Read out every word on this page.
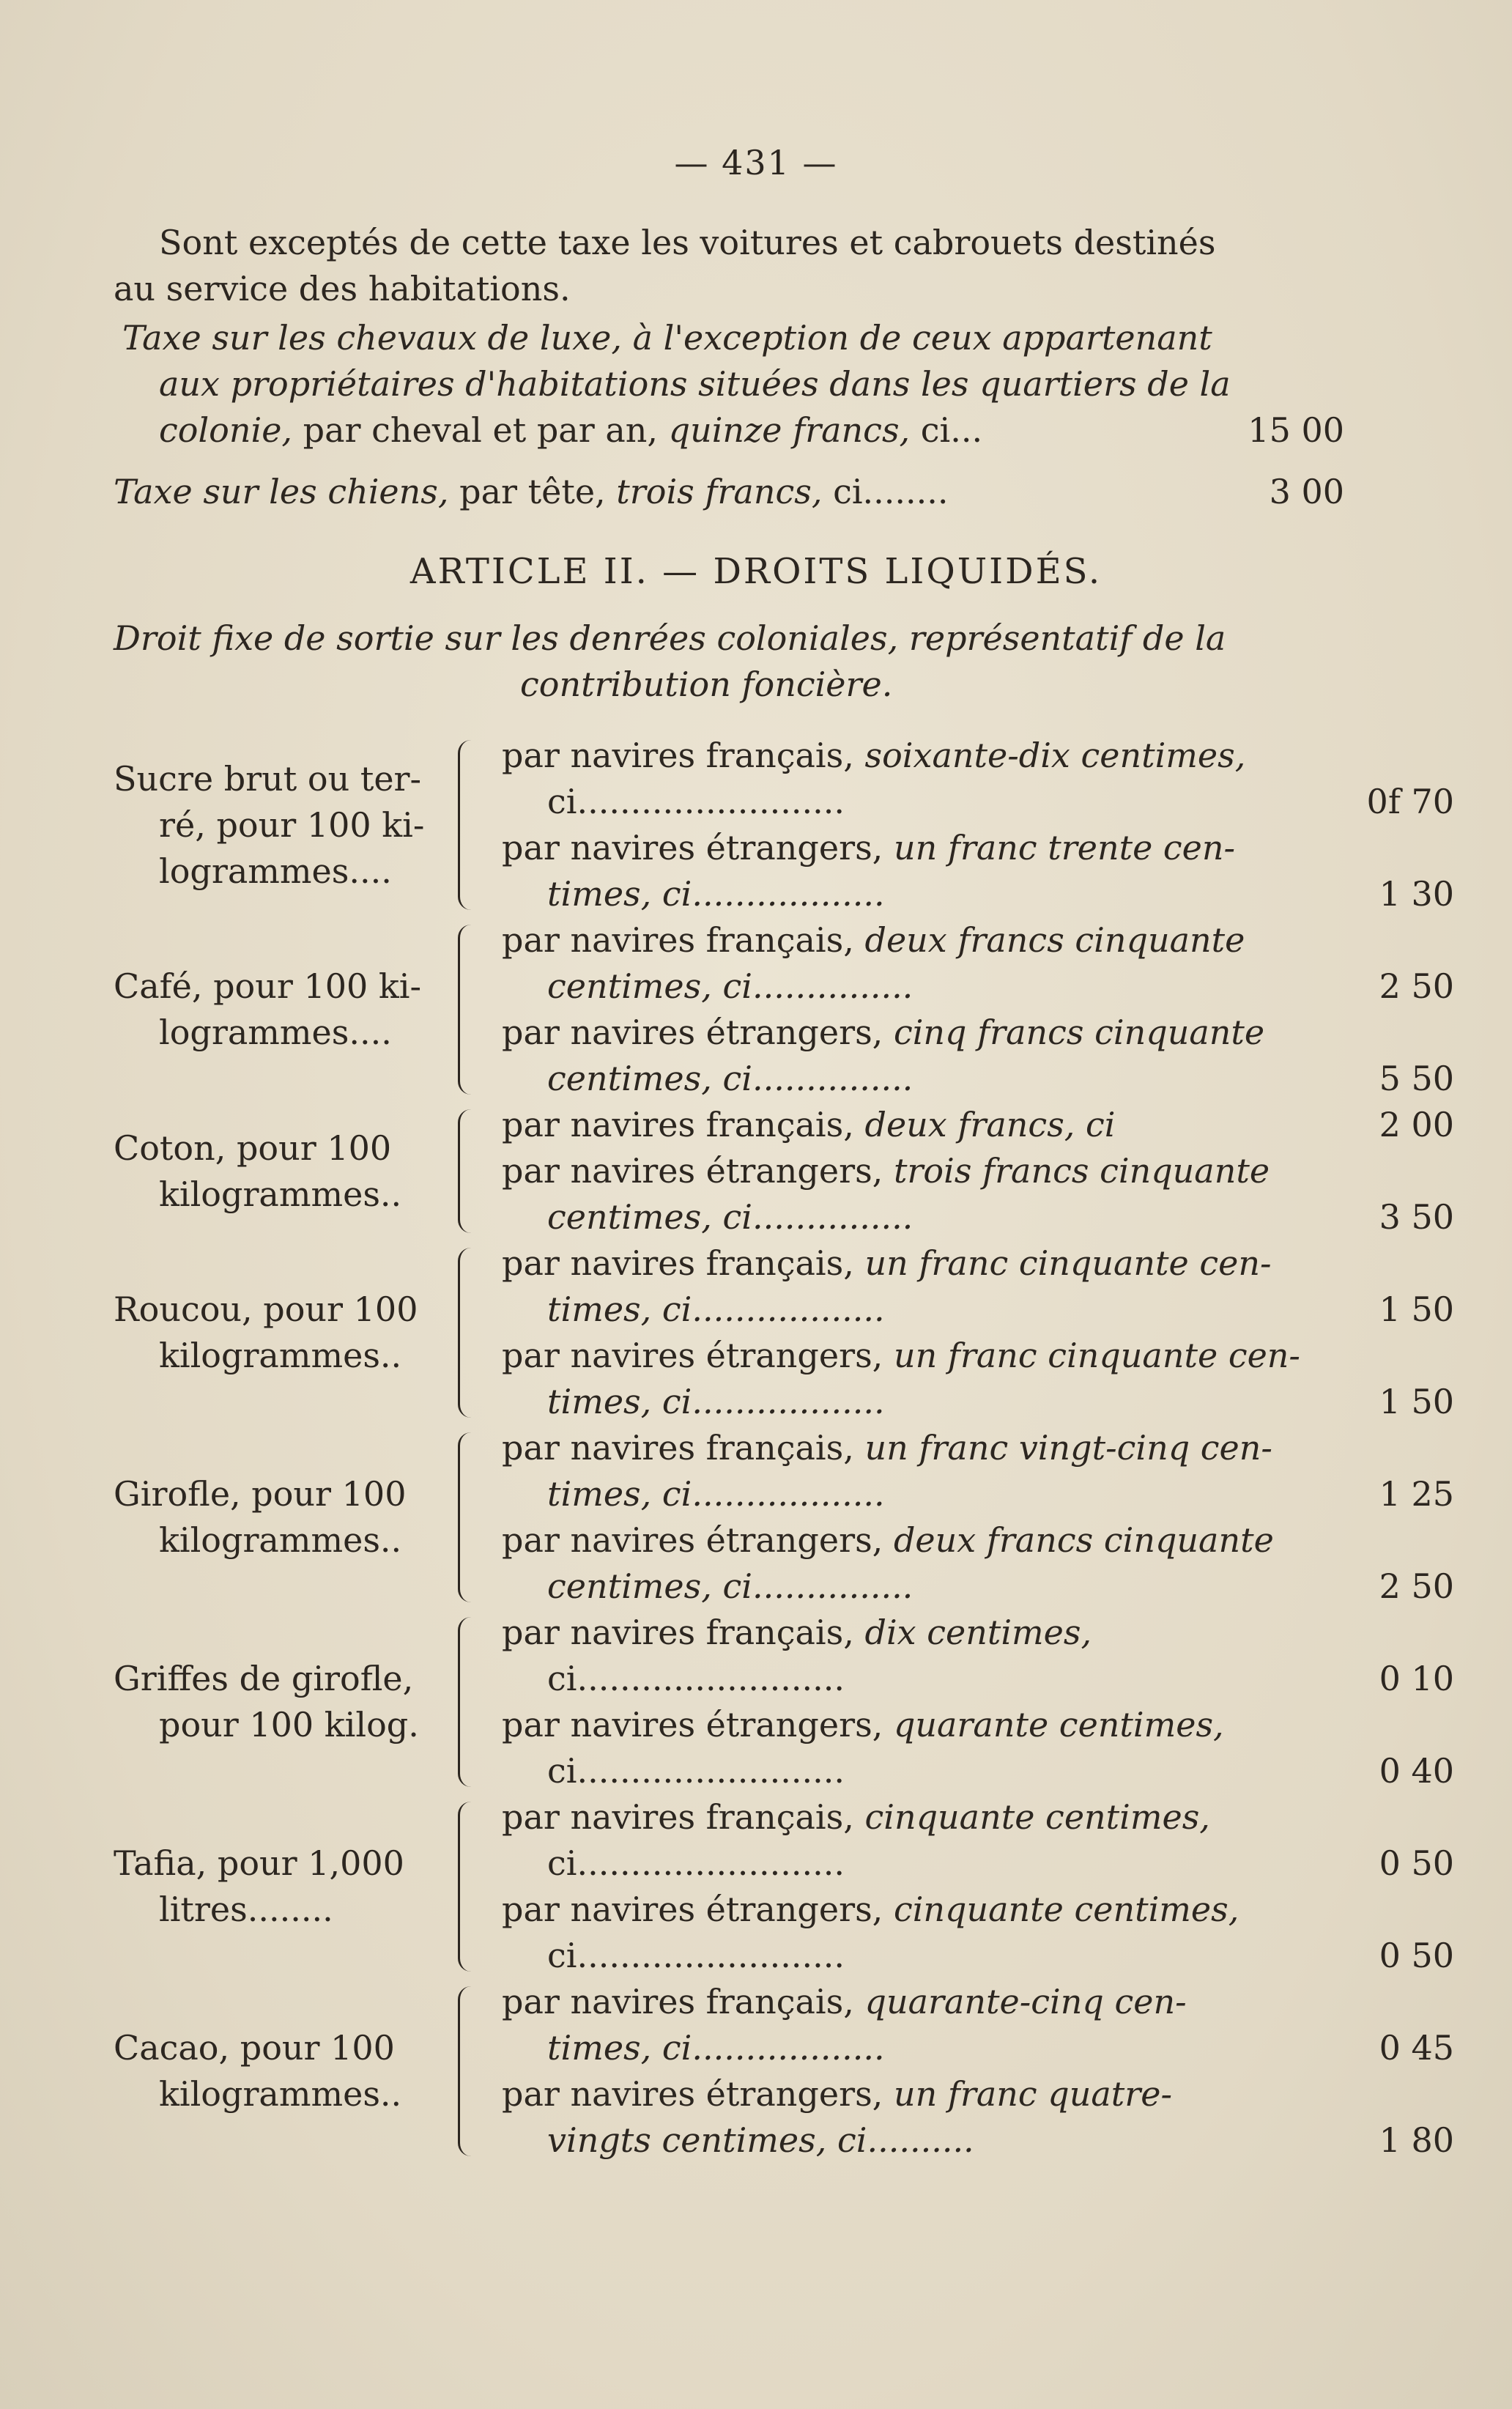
— 431 —
Sont exceptés de cette taxe les voitures et cabrouets destinés
au service des habitations.
Taxe sur les chevaux de luxe, à l'exception de ceux appartenant
aux propriétaires d'habitations situées dans les quartiers de la
colonie, par cheval et par an, quinze francs, ci...	15 00
Taxe sur les chiens, par tête, trois francs, ci........	3 00
ARTICLE II. — DROITS LIQUIDÉS.
Droit fixe de sortie sur les denrées coloniales, représentatif de la
contribution foncière.
Sucre brut ou ter-
ré, pour 100 ki-
logrammes....
par navires français, soixante-dix centimes,
ci.........................	0f 70
par navires étrangers, un franc trente cen-
times, ci..................	1 30
Café, pour 100 ki-
logrammes....
par navires français, deux francs cinquante
centimes, ci...............	2 50
par navires étrangers, cinq francs cinquante
centimes, ci...............	5 50
Coton, pour 100
kilogrammes..
par navires français, deux francs, ci	2 00
par navires étrangers, trois francs cinquante
centimes, ci...............	3 50
Roucou, pour 100
kilogrammes..
par navires français, un franc cinquante cen-
times, ci..................	1 50
par navires étrangers, un franc cinquante cen-
times, ci..................	1 50
Girofle, pour 100
kilogrammes..
par navires français, un franc vingt-cinq cen-
times, ci..................	1 25
par navires étrangers, deux francs cinquante
centimes, ci...............	2 50
Griffes de girofle,
pour 100 kilog.
par navires français, dix centimes,
ci.........................	0 10
par navires étrangers, quarante centimes,
ci.........................	0 40
Tafia, pour 1,000
litres........
par navires français, cinquante centimes,
ci.........................	0 50
par navires étrangers, cinquante centimes,
ci.........................	0 50
Cacao, pour 100
kilogrammes..
par navires français, quarante-cinq cen-
times, ci..................	0 45
par navires étrangers, un franc quatre-
vingts centimes, ci..........	1 80
